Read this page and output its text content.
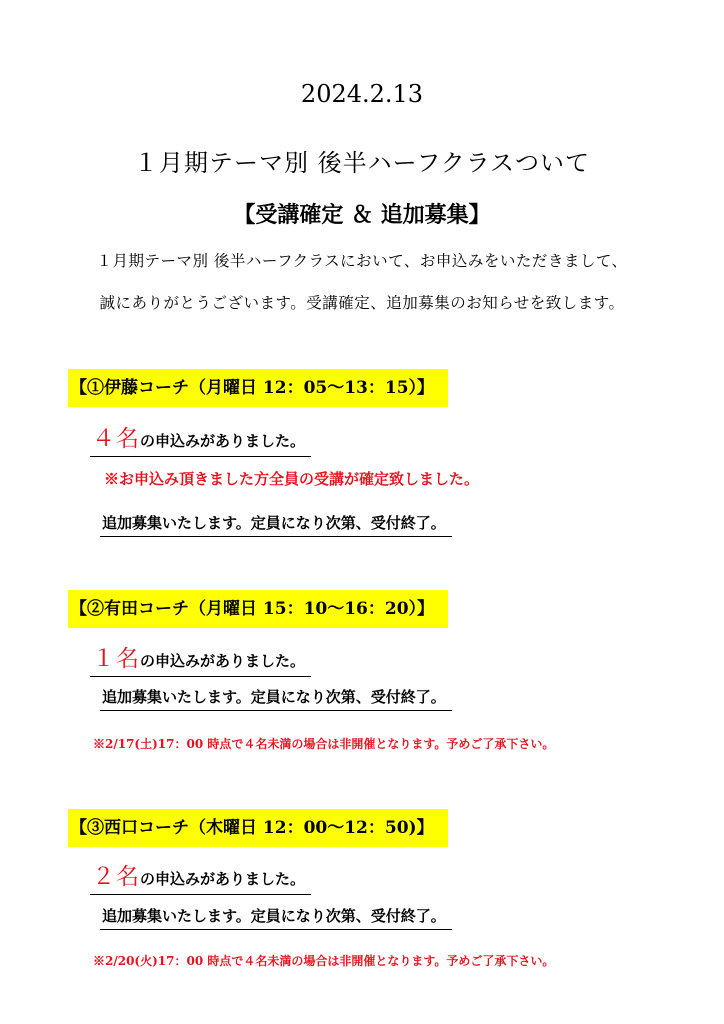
2024.2.13
１月期テーマ別 後半ハーフクラスついて
【受講確定 ＆ 追加募集】
１月期テーマ別 後半ハーフクラスにおいて、お申込みをいただきまして、
誠にありがとうございます。受講確定、追加募集のお知らせを致します。
【①伊藤コーチ（月曜日 12：05〜13：15）】
４名の申込みがありました。
※お申込み頂きました方全員の受講が確定致しました。
追加募集いたします。定員になり次第、受付終了。
【②有田コーチ（月曜日 15：10〜16：20）】
１名の申込みがありました。
追加募集いたします。定員になり次第、受付終了。
※2/17(土)17：00 時点で４名未満の場合は非開催となります。予めご了承下さい。
【③西口コーチ（木曜日 12：00〜12：50)】
２名の申込みがありました。
追加募集いたします。定員になり次第、受付終了。
※2/20(火)17：00 時点で４名未満の場合は非開催となります。予めご了承下さい。
